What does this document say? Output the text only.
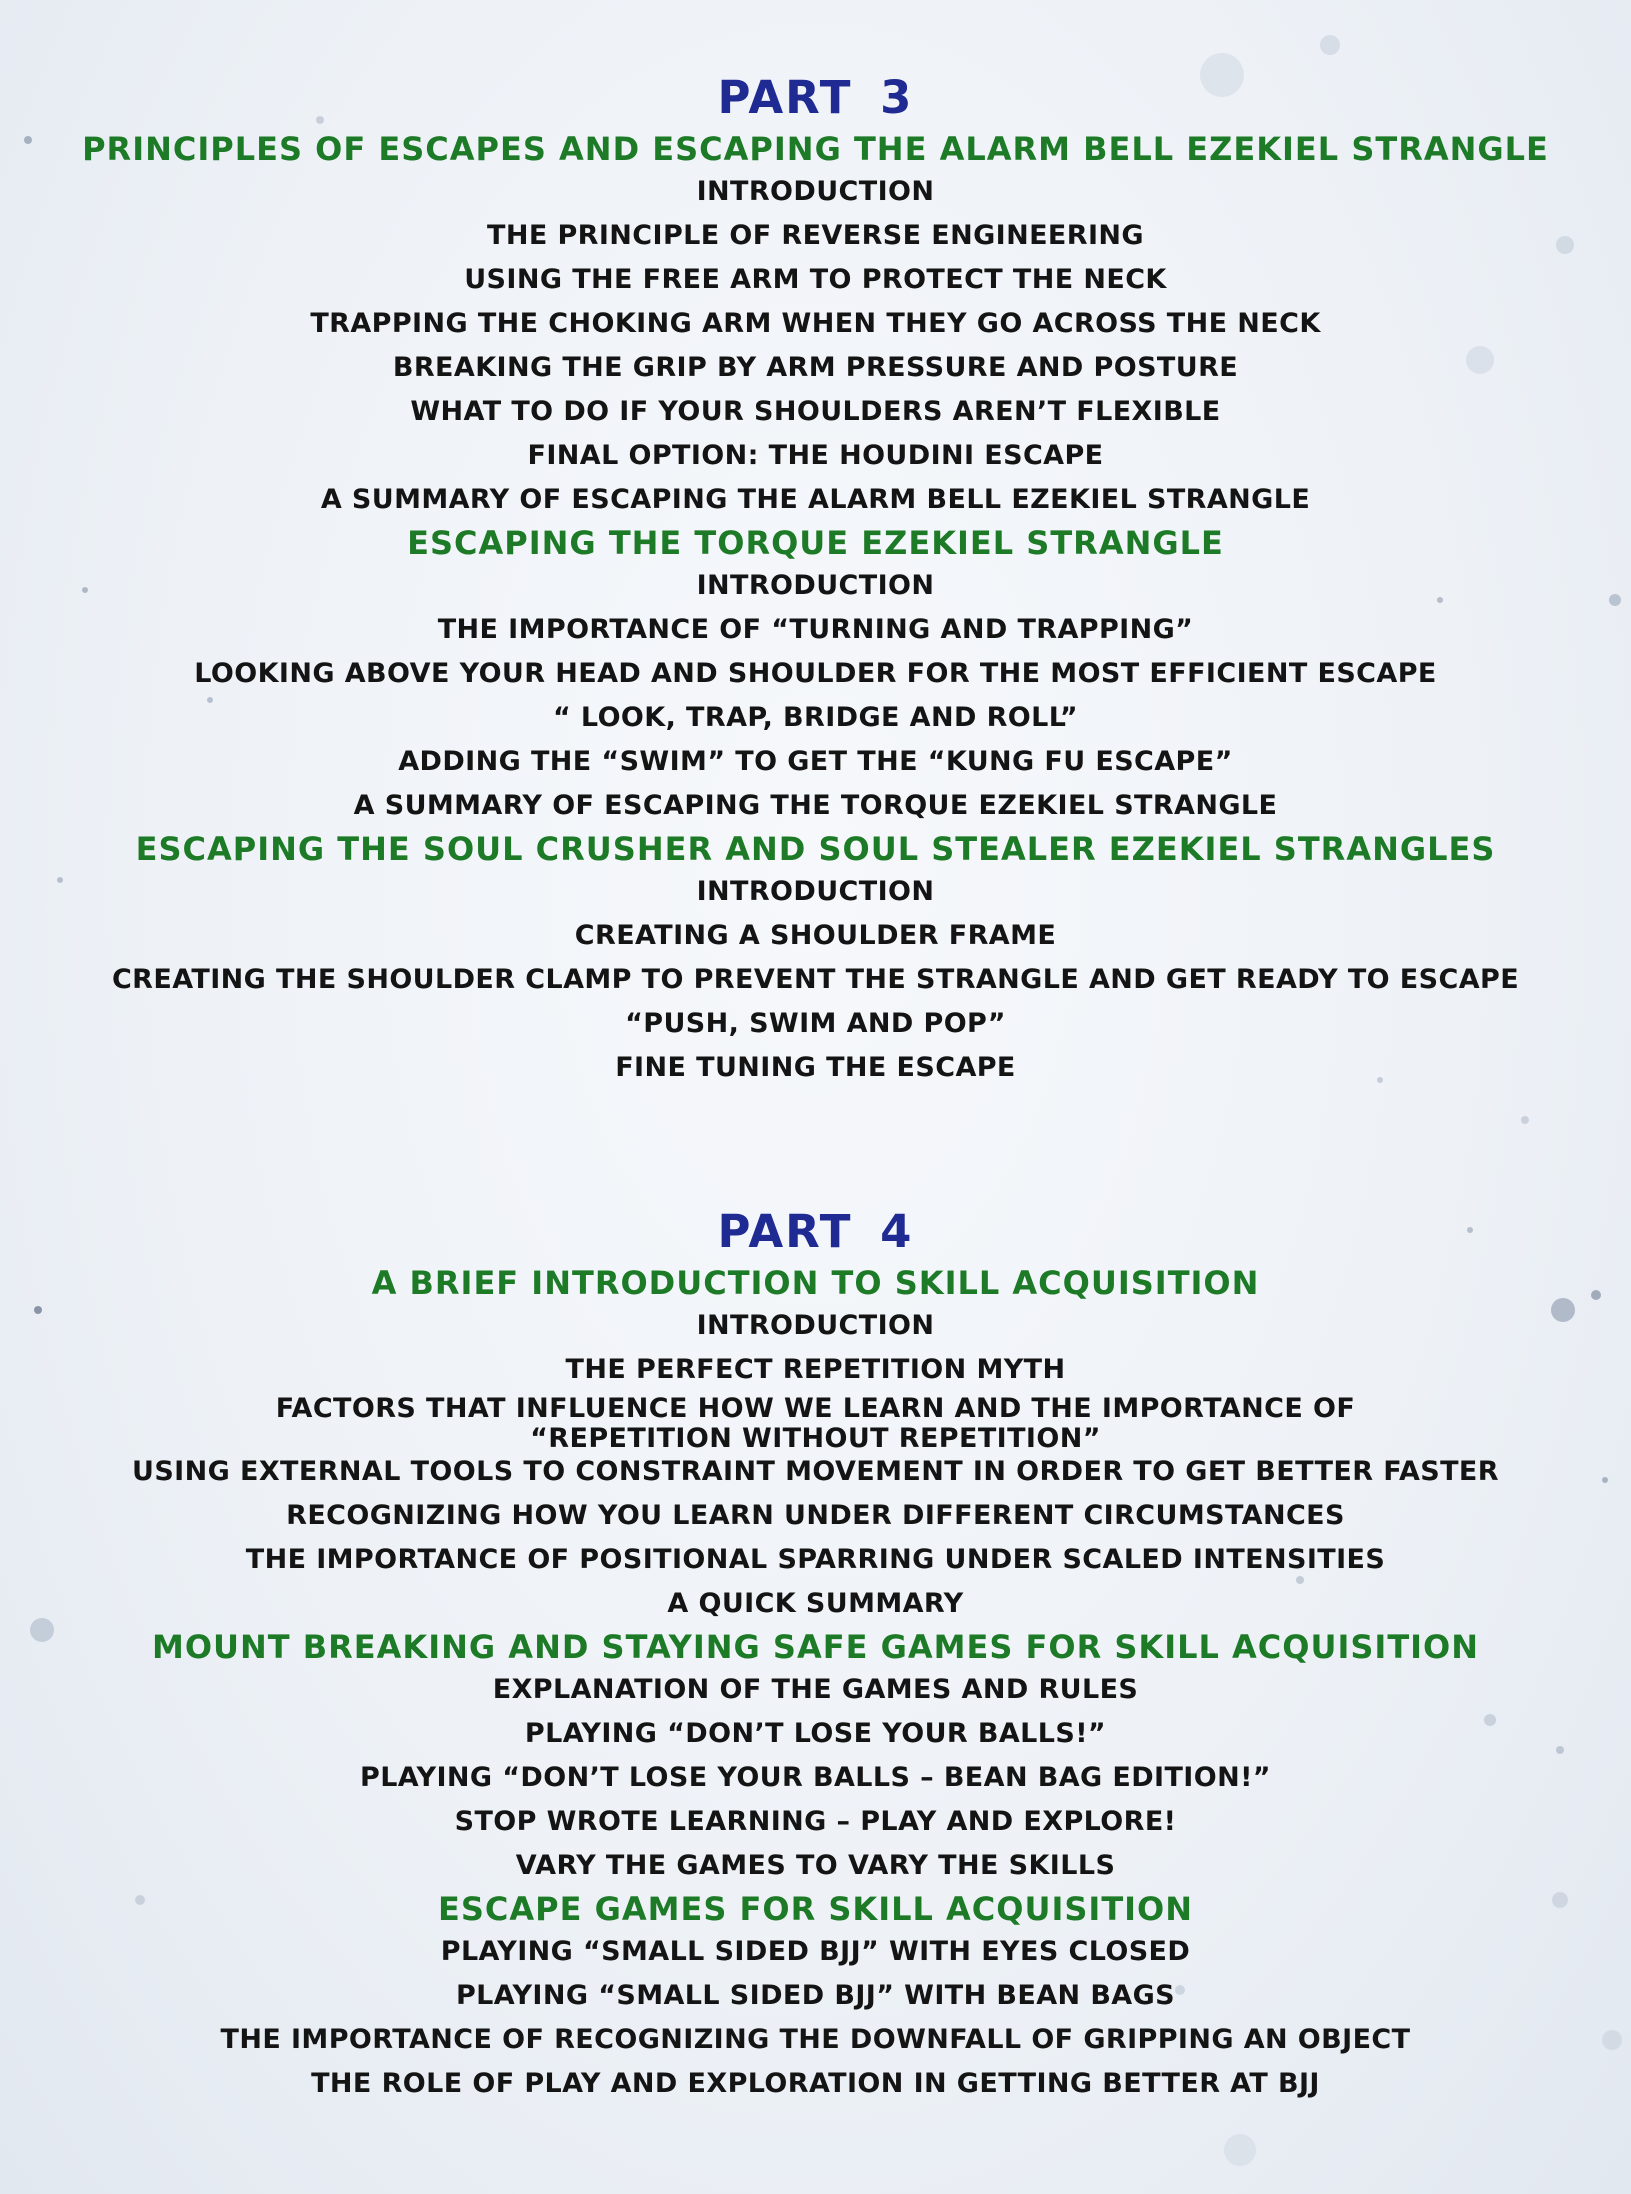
PART 3
PRINCIPLES OF ESCAPES AND ESCAPING THE ALARM BELL EZEKIEL STRANGLE
INTRODUCTION
THE PRINCIPLE OF REVERSE ENGINEERING
USING THE FREE ARM TO PROTECT THE NECK
TRAPPING THE CHOKING ARM WHEN THEY GO ACROSS THE NECK
BREAKING THE GRIP BY ARM PRESSURE AND POSTURE
WHAT TO DO IF YOUR SHOULDERS AREN’T FLEXIBLE
FINAL OPTION: THE HOUDINI ESCAPE
A SUMMARY OF ESCAPING THE ALARM BELL EZEKIEL STRANGLE
ESCAPING THE TORQUE EZEKIEL STRANGLE
INTRODUCTION
THE IMPORTANCE OF “TURNING AND TRAPPING”
LOOKING ABOVE YOUR HEAD AND SHOULDER FOR THE MOST EFFICIENT ESCAPE
“ LOOK, TRAP, BRIDGE AND ROLL”
ADDING THE “SWIM” TO GET THE “KUNG FU ESCAPE”
A SUMMARY OF ESCAPING THE TORQUE EZEKIEL STRANGLE
ESCAPING THE SOUL CRUSHER AND SOUL STEALER EZEKIEL STRANGLES
INTRODUCTION
CREATING A SHOULDER FRAME
CREATING THE SHOULDER CLAMP TO PREVENT THE STRANGLE AND GET READY TO ESCAPE
“PUSH, SWIM AND POP”
FINE TUNING THE ESCAPE
PART 4
A BRIEF INTRODUCTION TO SKILL ACQUISITION
INTRODUCTION
THE PERFECT REPETITION MYTH
FACTORS THAT INFLUENCE HOW WE LEARN AND THE IMPORTANCE OF
“REPETITION WITHOUT REPETITION”
USING EXTERNAL TOOLS TO CONSTRAINT MOVEMENT IN ORDER TO GET BETTER FASTER
RECOGNIZING HOW YOU LEARN UNDER DIFFERENT CIRCUMSTANCES
THE IMPORTANCE OF POSITIONAL SPARRING UNDER SCALED INTENSITIES
A QUICK SUMMARY
MOUNT BREAKING AND STAYING SAFE GAMES FOR SKILL ACQUISITION
EXPLANATION OF THE GAMES AND RULES
PLAYING “DON’T LOSE YOUR BALLS!”
PLAYING “DON’T LOSE YOUR BALLS – BEAN BAG EDITION!”
STOP WROTE LEARNING – PLAY AND EXPLORE!
VARY THE GAMES TO VARY THE SKILLS
ESCAPE GAMES FOR SKILL ACQUISITION
PLAYING “SMALL SIDED BJJ” WITH EYES CLOSED
PLAYING “SMALL SIDED BJJ” WITH BEAN BAGS
THE IMPORTANCE OF RECOGNIZING THE DOWNFALL OF GRIPPING AN OBJECT
THE ROLE OF PLAY AND EXPLORATION IN GETTING BETTER AT BJJ
